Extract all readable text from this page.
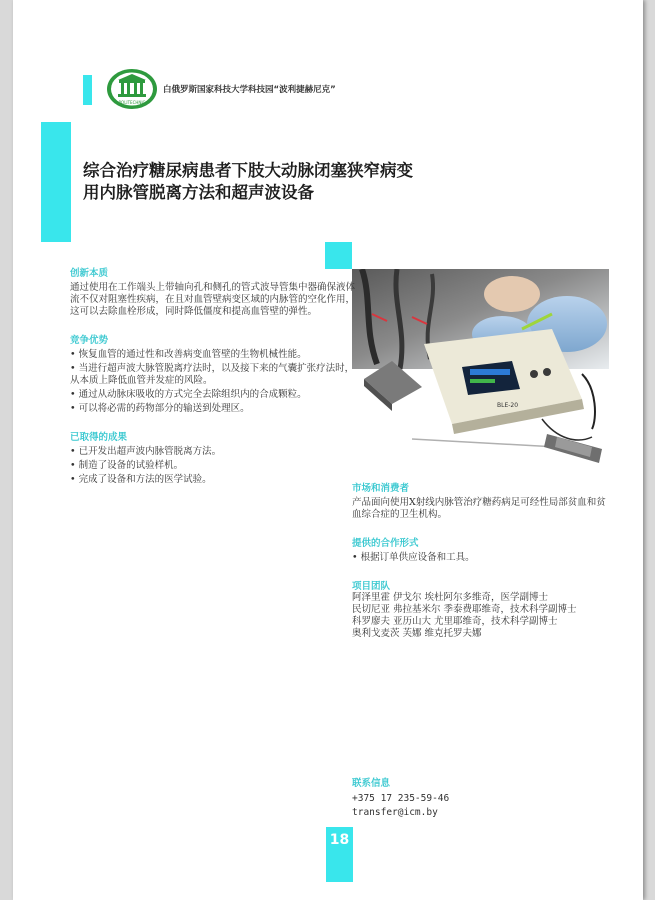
POLITECHNIC
白俄罗斯国家科技大学科技园“波利捷赫尼克”
综合治疗糖尿病患者下肢大动脉闭塞狭窄病变
用内脉管脱离方法和超声波设备
BLE-20

创新本质

通过使用在工作端头上带轴向孔和侧孔的管式波导管集中器确保液体流不仅对阻塞性疾病，在且对血管壁病变区域的内脉管的空化作用，这可以去除血栓形成，同时降低僵度和提高血管壁的弹性。

竞争优势

• 恢复血管的通过性和改善病变血管壁的生物机械性能。
• 当进行超声波大脉管脱离疗法时，以及接下来的气囊扩张疗法时，从本质上降低血管并发症的风险。
• 通过从动脉床吸收的方式完全去除组织内的合成颗粒。
• 可以将必需的药物部分的输送到处理区。

已取得的成果

• 已开发出超声波内脉管脱离方法。
• 制造了设备的试验样机。
• 完成了设备和方法的医学试验。

市场和消费者

产品面向使用X射线内脉管治疗糖药病足可经性局部贫血和贫血综合症的卫生机构。

提供的合作形式

• 根据订单供应设备和工具。

项目团队

阿泽里霍 伊戈尔 埃杜阿尔多维奇，医学副博士

民切尼亚 弗拉基米尔 季泰费耶维奇，技术科学副博士

科罗廖夫 亚历山大 尤里耶维奇，技术科学副博士

奥利戈麦茨 芙娜 维克托罗夫娜

联系信息

+375 17 235-59-46

transfer@icm.by

18
